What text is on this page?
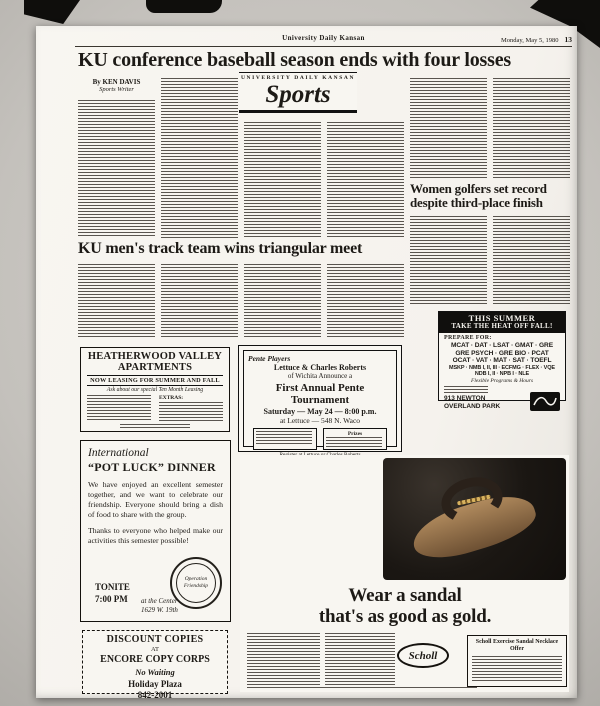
University Daily Kansan	Monday, May 5, 1980 13
KU conference baseball season ends with four losses
By KEN DAVIS
Sports Writer
UNIVERSITY DAILY KANSAN
Sports
Women golfers set record
despite third-place finish
KU men's track team wins triangular meet
HEATHERWOOD VALLEY
APARTMENTS
NOW LEASING FOR SUMMER AND FALL
Ask about our special Ten Month Leasing
EXTRAS:
Pente Players
Lettuce & Charles Roberts
of Wichita Announce a
First Annual Pente Tournament
Saturday — May 24 — 8:00 p.m.
at Lettuce — 548 N. Waco
Prizes
THIS SUMMER
TAKE THE HEAT OFF FALL!
PREPARE FOR:
MCAT · DAT · LSAT · GMAT · GRE
GRE PSYCH · GRE BIO · PCAT
OCAT · VAT · MAT · SAT · TOEFL
MSKP · NMB I, II, III · ECFMG · FLEX · VQE
NDB I, II · NPB I · NLE
Flexible Programs & Hours
913 NEWTON
OVERLAND PARK
International
“POT LUCK” DINNER
We have enjoyed an excellent semester together, and we want to celebrate our friendship. Everyone should bring a dish of food to share with the group.
Thanks to everyone who helped make our activities this semester possible!
TONITE
7:00 PM	at the Center
1629 W. 19th
Operation
Friendship
DISCOUNT COPIES
AT
ENCORE COPY CORPS
No Waiting
Holiday Plaza
842-2001
Wear a sandal
that's as good as gold.
Scholl
Scholl Exercise Sandal Necklace Offer
